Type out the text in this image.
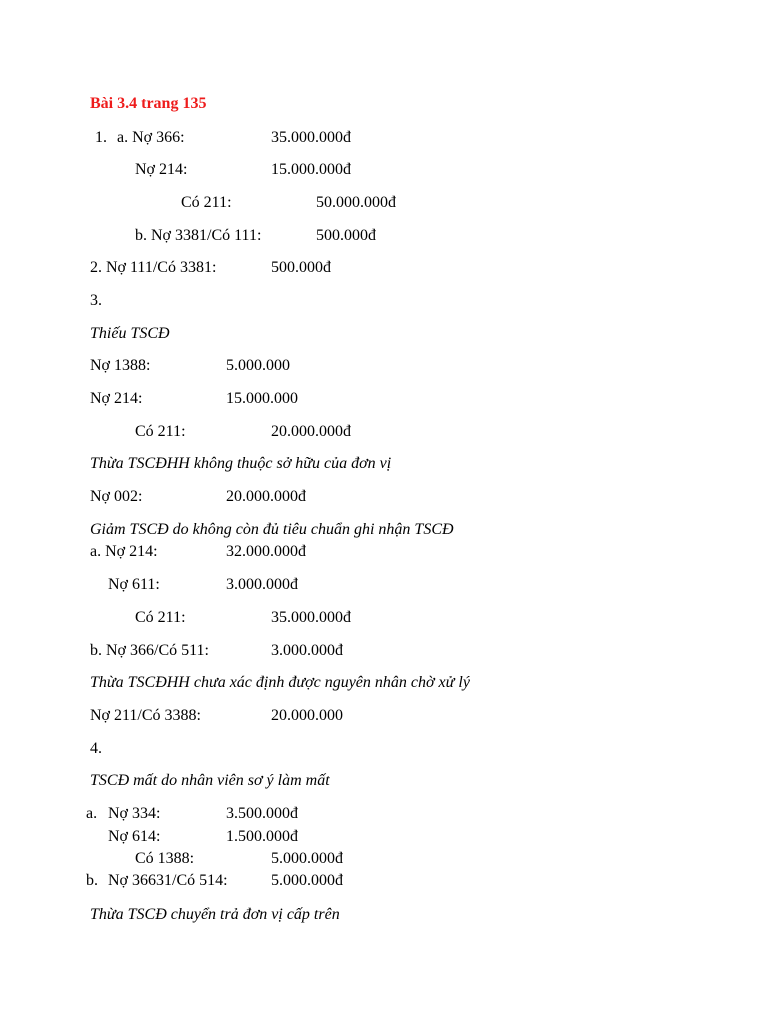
Bài 3.4 trang 135
1. a. Nợ 366:	35.000.000đ
Nợ 214:	15.000.000đ
Có 211:	50.000.000đ
b. Nợ 3381/Có 111:	500.000đ
2. Nợ 111/Có 3381:	500.000đ
3.
Thiếu TSCĐ
Nợ 1388:	5.000.000
Nợ 214:	15.000.000
Có 211:	20.000.000đ
Thừa TSCĐHH không thuộc sở hữu của đơn vị
Nợ 002:	20.000.000đ
Giảm TSCĐ do không còn đủ tiêu chuẩn ghi nhận TSCĐ
a. Nợ 214:	32.000.000đ
Nợ 611:	3.000.000đ
Có 211:	35.000.000đ
b. Nợ 366/Có 511:	3.000.000đ
Thừa TSCĐHH chưa xác định được nguyên nhân chờ xử lý
Nợ 211/Có 3388:	20.000.000
4.
TSCĐ mất do nhân viên sơ ý làm mất
a. Nợ 334:	3.500.000đ
Nợ 614:	1.500.000đ
Có 1388:	5.000.000đ
b. Nợ 36631/Có 514:	5.000.000đ
Thừa TSCĐ chuyển trả đơn vị cấp trên
